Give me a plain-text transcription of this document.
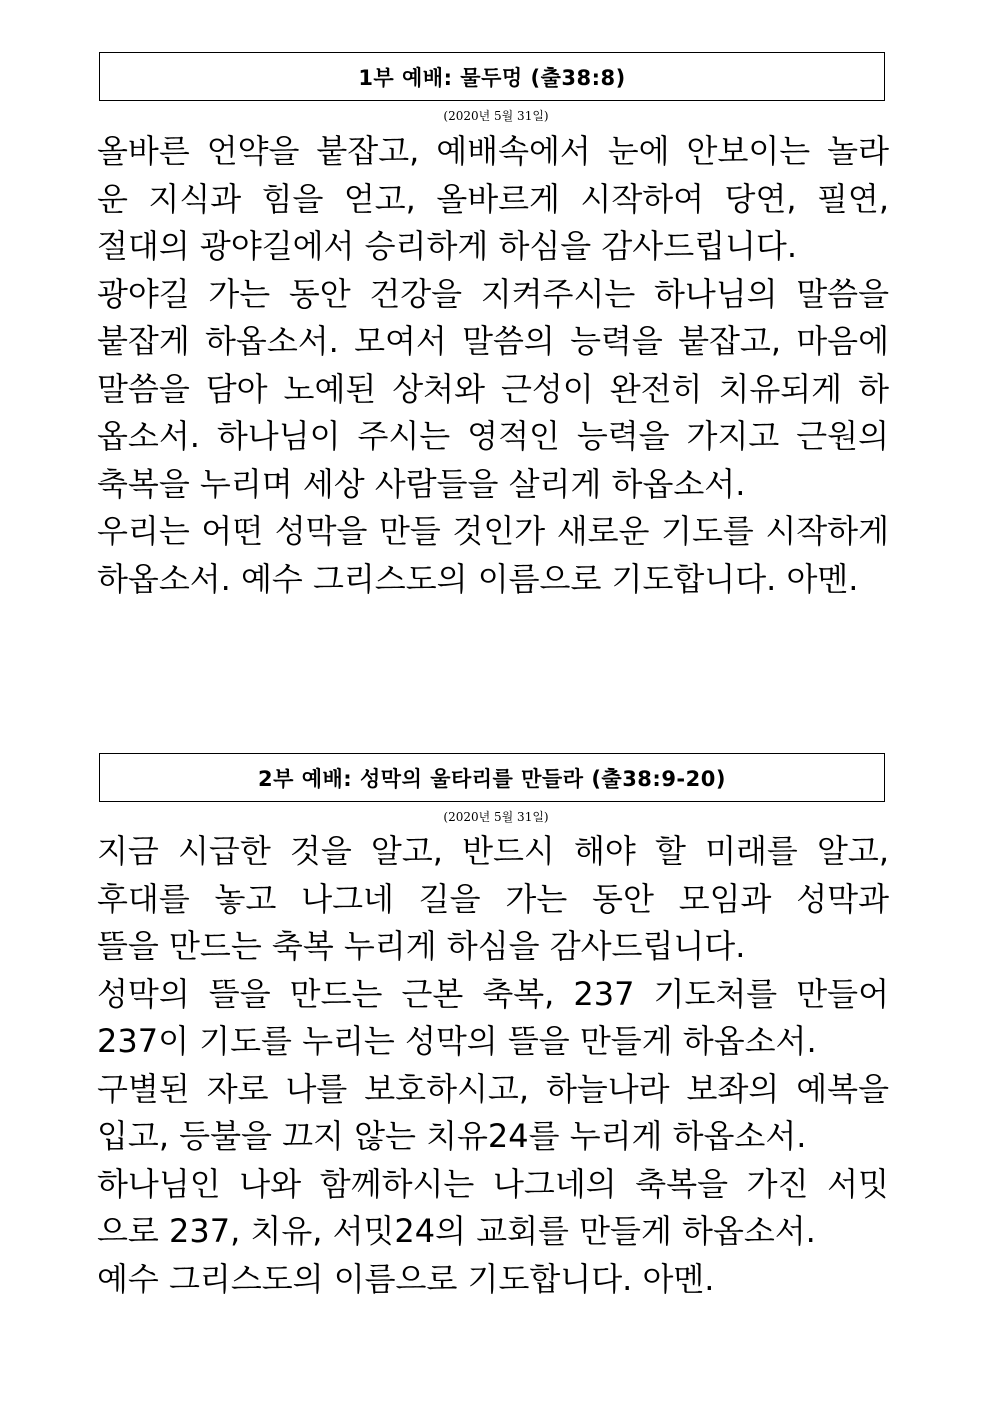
1부 예배: 물두멍 (출38:8)
(2020년 5월 31일)
올바른 언약을 붙잡고, 예배속에서 눈에 안보이는 놀라
운 지식과 힘을 얻고, 올바르게 시작하여 당연, 필연,
절대의 광야길에서 승리하게 하심을 감사드립니다.
광야길 가는 동안 건강을 지켜주시는 하나님의 말씀을
붙잡게 하옵소서. 모여서 말씀의 능력을 붙잡고, 마음에
말씀을 담아 노예된 상처와 근성이 완전히 치유되게 하
옵소서. 하나님이 주시는 영적인 능력을 가지고 근원의
축복을 누리며 세상 사람들을 살리게 하옵소서.
우리는 어떤 성막을 만들 것인가 새로운 기도를 시작하게
하옵소서. 예수 그리스도의 이름으로 기도합니다. 아멘.
2부 예배: 성막의 울타리를 만들라 (출38:9-20)
(2020년 5월 31일)
지금 시급한 것을 알고, 반드시 해야 할 미래를 알고,
후대를 놓고 나그네 길을 가는 동안 모임과 성막과
뜰을 만드는 축복 누리게 하심을 감사드립니다.
성막의 뜰을 만드는 근본 축복, 237 기도처를 만들어
237이 기도를 누리는 성막의 뜰을 만들게 하옵소서.
구별된 자로 나를 보호하시고, 하늘나라 보좌의 예복을
입고, 등불을 끄지 않는 치유24를 누리게 하옵소서.
하나님인 나와 함께하시는 나그네의 축복을 가진 서밋
으로 237, 치유, 서밋24의 교회를 만들게 하옵소서.
예수 그리스도의 이름으로 기도합니다. 아멘.
